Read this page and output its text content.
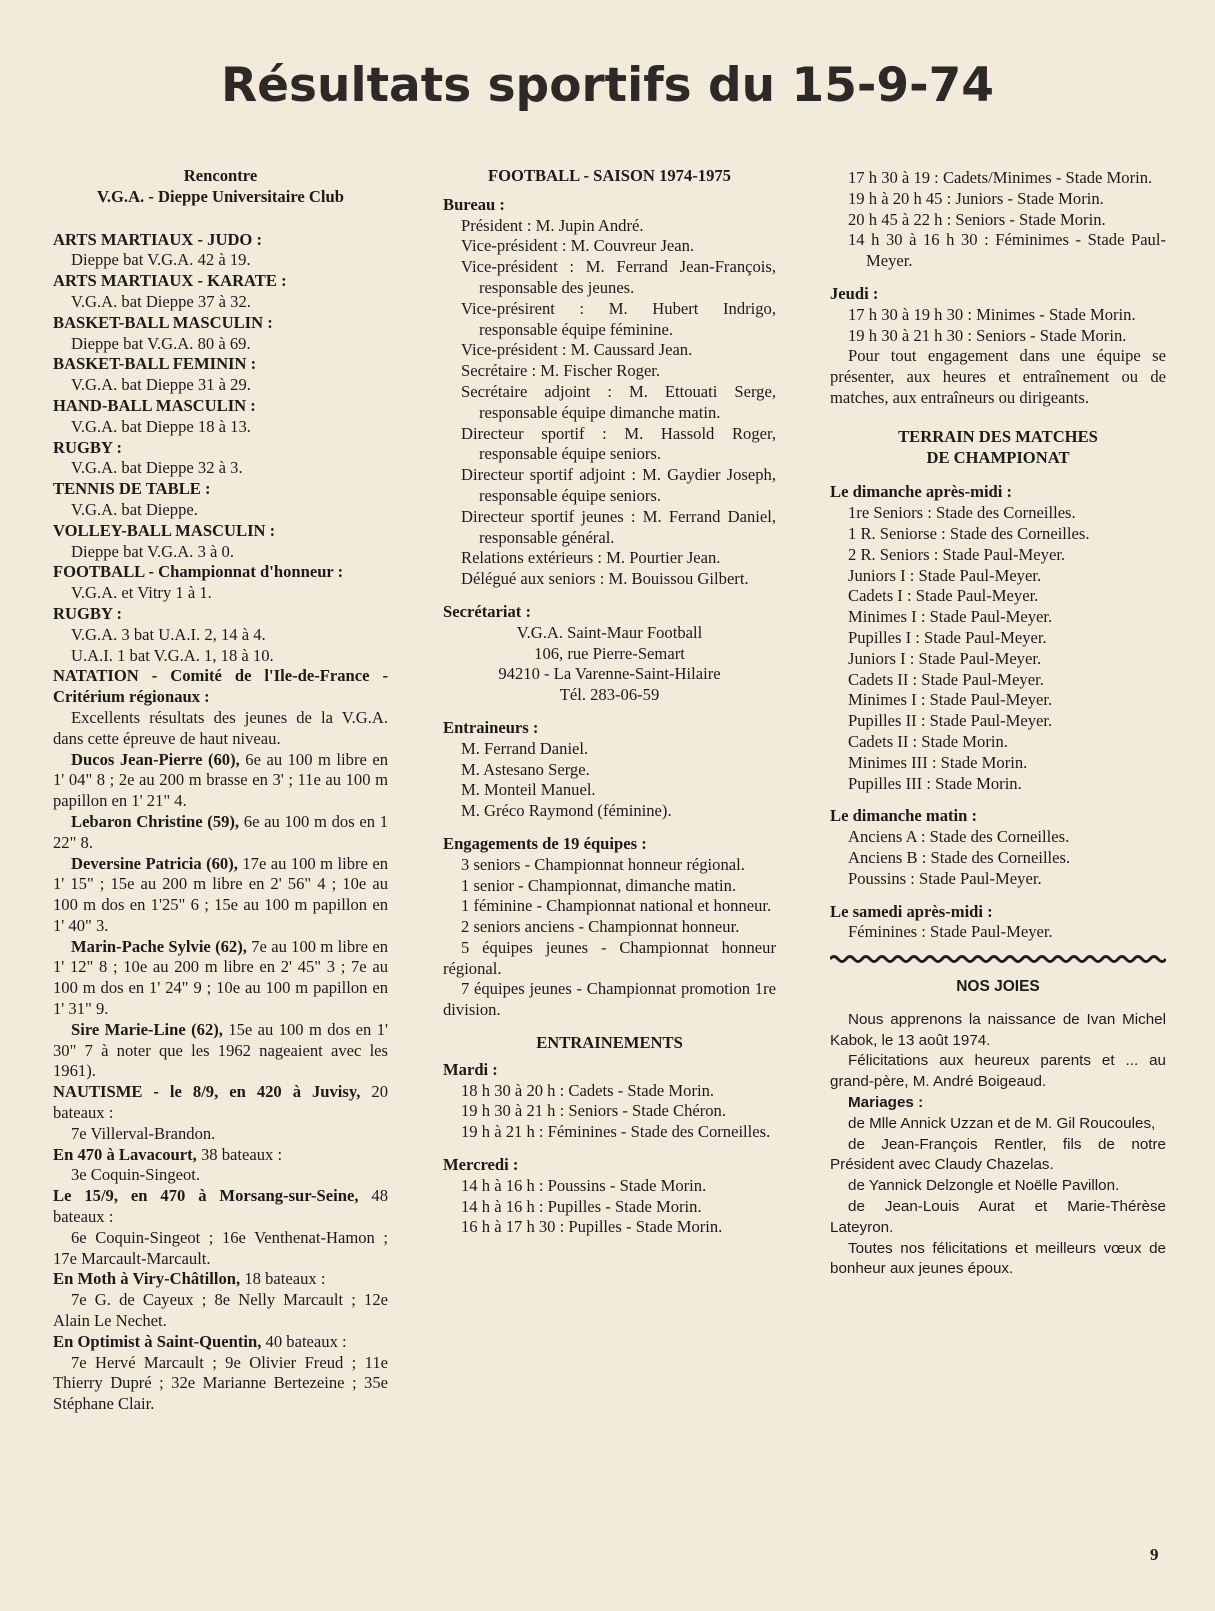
Résultats sportifs du 15-9-74

Rencontre

V.G.A. - Dieppe Universitaire Club

ARTS MARTIAUX - JUDO :

Dieppe bat V.G.A. 42 à 19.

ARTS MARTIAUX - KARATE :

V.G.A. bat Dieppe 37 à 32.

BASKET-BALL MASCULIN :

Dieppe bat V.G.A. 80 à 69.

BASKET-BALL FEMININ :

V.G.A. bat Dieppe 31 à 29.

HAND-BALL MASCULIN :

V.G.A. bat Dieppe 18 à 13.

RUGBY :

V.G.A. bat Dieppe 32 à 3.

TENNIS DE TABLE :

V.G.A. bat Dieppe.

VOLLEY-BALL MASCULIN :

Dieppe bat V.G.A. 3 à 0.

FOOTBALL - Championnat d'honneur :

V.G.A. et Vitry 1 à 1.

RUGBY :

V.G.A. 3 bat U.A.I. 2, 14 à 4.

U.A.I. 1 bat V.G.A. 1, 18 à 10.

NATATION - Comité de l'Ile-de-France - Critérium régionaux :

Excellents résultats des jeunes de la V.G.A. dans cette épreuve de haut niveau.

Ducos Jean-Pierre (60), 6e au 100 m libre en 1' 04" 8 ; 2e au 200 m brasse en 3' ; 11e au 100 m papillon en 1' 21" 4.

Lebaron Christine (59), 6e au 100 m dos en 1 22" 8.

Deversine Patricia (60), 17e au 100 m libre en 1' 15" ; 15e au 200 m libre en 2' 56" 4 ; 10e au 100 m dos en 1'25" 6 ; 15e au 100 m papillon en 1' 40" 3.

Marin-Pache Sylvie (62), 7e au 100 m libre en 1' 12" 8 ; 10e au 200 m libre en 2' 45" 3 ; 7e au 100 m dos en 1' 24" 9 ; 10e au 100 m papillon en 1' 31" 9.

Sire Marie-Line (62), 15e au 100 m dos en 1' 30" 7 à noter que les 1962 nageaient avec les 1961).

NAUTISME - le 8/9, en 420 à Juvisy, 20 bateaux :

7e Villerval-Brandon.

En 470 à Lavacourt, 38 bateaux :

3e Coquin-Singeot.

Le 15/9, en 470 à Morsang-sur-Seine, 48 bateaux :

6e Coquin-Singeot ; 16e Venthenat-Hamon ; 17e Marcault-Marcault.

En Moth à Viry-Châtillon, 18 bateaux :

7e G. de Cayeux ; 8e Nelly Marcault ; 12e Alain Le Nechet.

En Optimist à Saint-Quentin, 40 bateaux :

7e Hervé Marcault ; 9e Olivier Freud ; 11e Thierry Dupré ; 32e Marianne Bertezeine ; 35e Stéphane Clair.

FOOTBALL - SAISON 1974-1975

Bureau :

Président : M. Jupin André.

Vice-président : M. Couvreur Jean.

Vice-président : M. Ferrand Jean-François, responsable des jeunes.

Vice-présirent : M. Hubert Indrigo, responsable équipe féminine.

Vice-président : M. Caussard Jean.

Secrétaire : M. Fischer Roger.

Secrétaire adjoint : M. Ettouati Serge, responsable équipe dimanche matin.

Directeur sportif : M. Hassold Roger, responsable équipe seniors.

Directeur sportif adjoint : M. Gaydier Joseph, responsable équipe seniors.

Directeur sportif jeunes : M. Ferrand Daniel, responsable général.

Relations extérieurs : M. Pourtier Jean.

Délégué aux seniors : M. Bouissou Gilbert.

Secrétariat :

V.G.A. Saint-Maur Football

106, rue Pierre-Semart

94210 - La Varenne-Saint-Hilaire

Tél. 283-06-59

Entraineurs :

M. Ferrand Daniel.

M. Astesano Serge.

M. Monteil Manuel.

M. Gréco Raymond (féminine).

Engagements de 19 équipes :

3 seniors - Championnat honneur régional.

1 senior - Championnat, dimanche matin.

1 féminine - Championnat national et honneur.

2 seniors anciens - Championnat honneur.

5 équipes jeunes - Championnat honneur régional.

7 équipes jeunes - Championnat promotion 1re division.

ENTRAINEMENTS

Mardi :

18 h 30 à 20 h : Cadets - Stade Morin.

19 h 30 à 21 h : Seniors - Stade Chéron.

19 h à 21 h : Féminines - Stade des Corneilles.

Mercredi :

14 h à 16 h : Poussins - Stade Morin.

14 h à 16 h : Pupilles - Stade Morin.

16 h à 17 h 30 : Pupilles - Stade Morin.

17 h 30 à 19 : Cadets/Minimes - Stade Morin.

19 h à 20 h 45 : Juniors - Stade Morin.

20 h 45 à 22 h : Seniors - Stade Morin.

14 h 30 à 16 h 30 : Féminimes - Stade Paul-Meyer.

Jeudi :

17 h 30 à 19 h 30 : Minimes - Stade Morin.

19 h 30 à 21 h 30 : Seniors - Stade Morin.

Pour tout engagement dans une équipe se présenter, aux heures et entraînement ou de matches, aux entraîneurs ou dirigeants.

TERRAIN DES MATCHES

DE CHAMPIONAT

Le dimanche après-midi :

1re Seniors : Stade des Corneilles.

1 R. Seniorse : Stade des Corneilles.

2 R. Seniors : Stade Paul-Meyer.

Juniors I : Stade Paul-Meyer.

Cadets I : Stade Paul-Meyer.

Minimes I : Stade Paul-Meyer.

Pupilles I : Stade Paul-Meyer.

Juniors I : Stade Paul-Meyer.

Cadets II : Stade Paul-Meyer.

Minimes I : Stade Paul-Meyer.

Pupilles II : Stade Paul-Meyer.

Cadets II : Stade Morin.

Minimes III : Stade Morin.

Pupilles III : Stade Morin.

Le dimanche matin :

Anciens A : Stade des Corneilles.

Anciens B : Stade des Corneilles.

Poussins : Stade Paul-Meyer.

Le samedi après-midi :

Féminines : Stade Paul-Meyer.

NOS JOIES

Nous apprenons la naissance de Ivan Michel Kabok, le 13 août 1974.

Félicitations aux heureux parents et ... au grand-père, M. André Boigeaud.

Mariages :

de Mlle Annick Uzzan et de M. Gil Roucoules,

de Jean-François Rentler, fils de notre Président avec Claudy Chazelas.

de Yannick Delzongle et Noëlle Pavillon.

de Jean-Louis Aurat et Marie-Thérèse Lateyron.

Toutes nos félicitations et meilleurs vœux de bonheur aux jeunes époux.

9
